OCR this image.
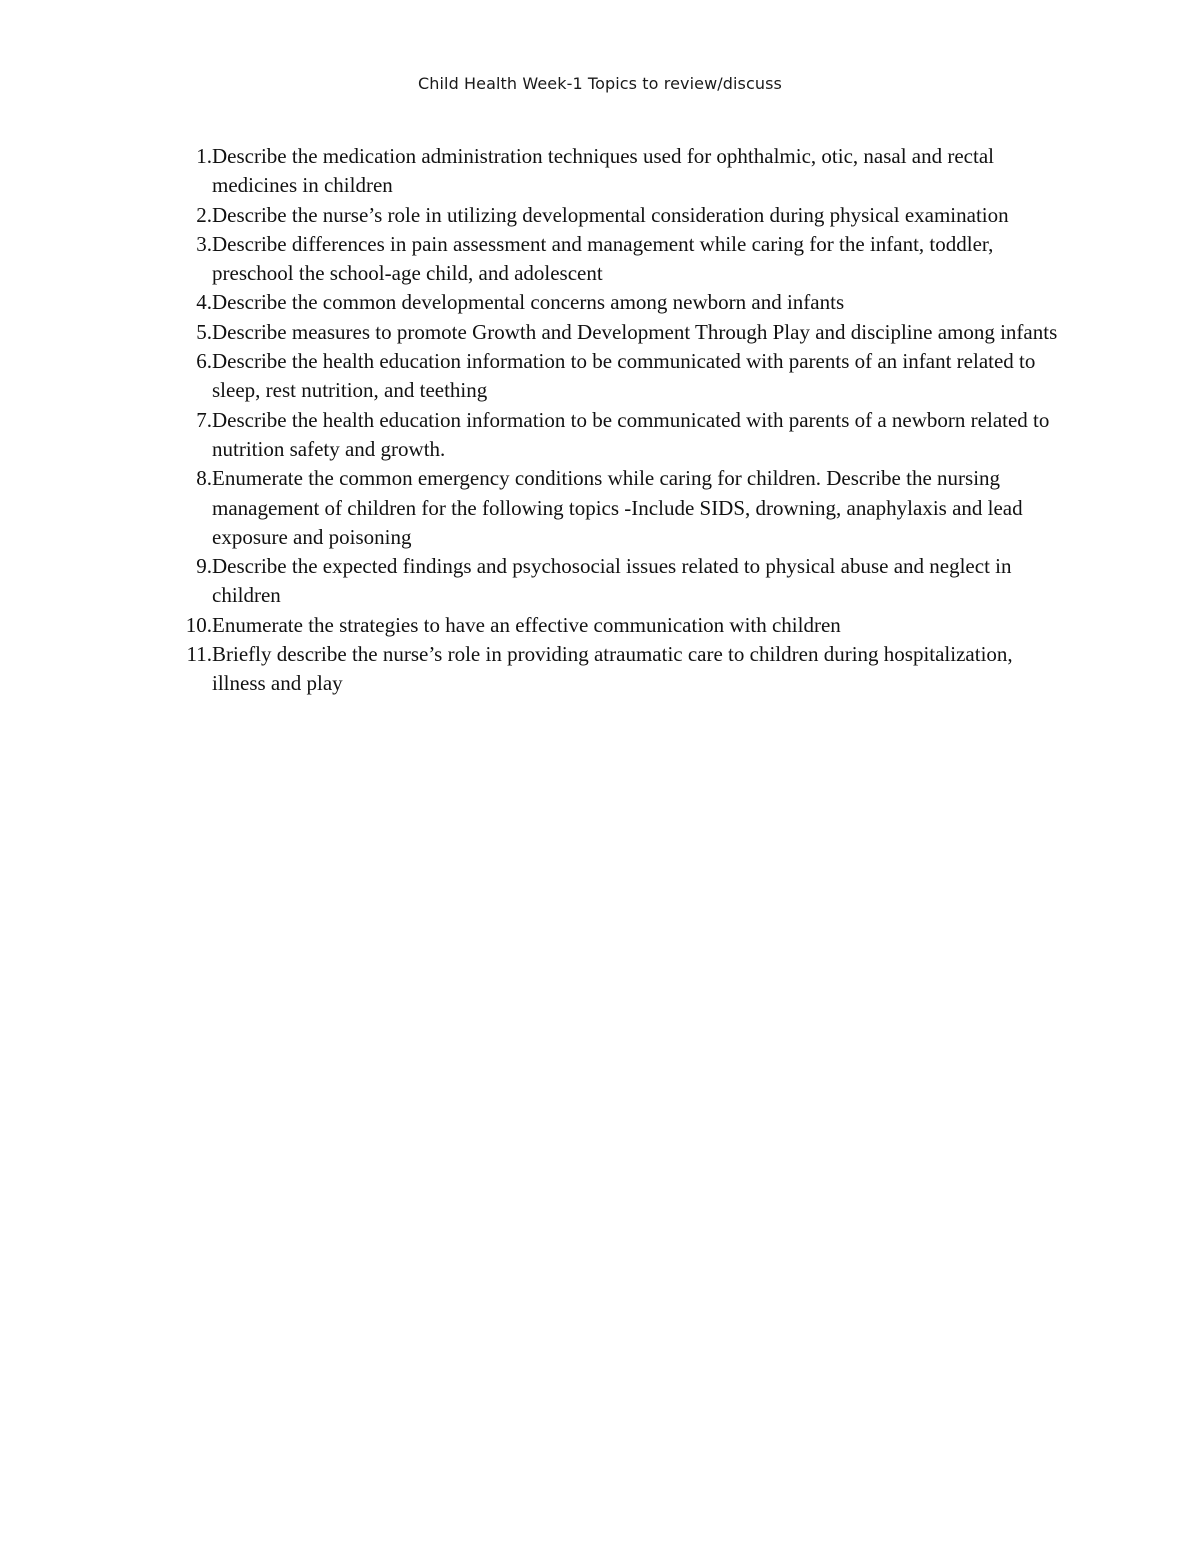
Child Health Week-1 Topics to review/discuss
1. Describe the medication administration techniques used for ophthalmic, otic, nasal and rectal medicines in children
2. Describe the nurse’s role in utilizing developmental consideration during physical examination
3. Describe differences in pain assessment and management while caring for the infant, toddler, preschool the school-age child, and adolescent
4. Describe the common developmental concerns among newborn and infants
5. Describe measures to promote Growth and Development Through Play and discipline among infants
6. Describe the health education information to be communicated with parents of an infant related to sleep, rest nutrition, and teething
7. Describe the health education information to be communicated with parents of a newborn related to nutrition safety and growth.
8. Enumerate the common emergency conditions while caring for children. Describe the nursing management of children for the following topics -Include SIDS, drowning, anaphylaxis and lead exposure and poisoning
9. Describe the expected findings and psychosocial issues related to physical abuse and neglect in children
10. Enumerate the strategies to have an effective communication with children
11. Briefly describe the nurse’s role in providing atraumatic care to children during hospitalization, illness and play
